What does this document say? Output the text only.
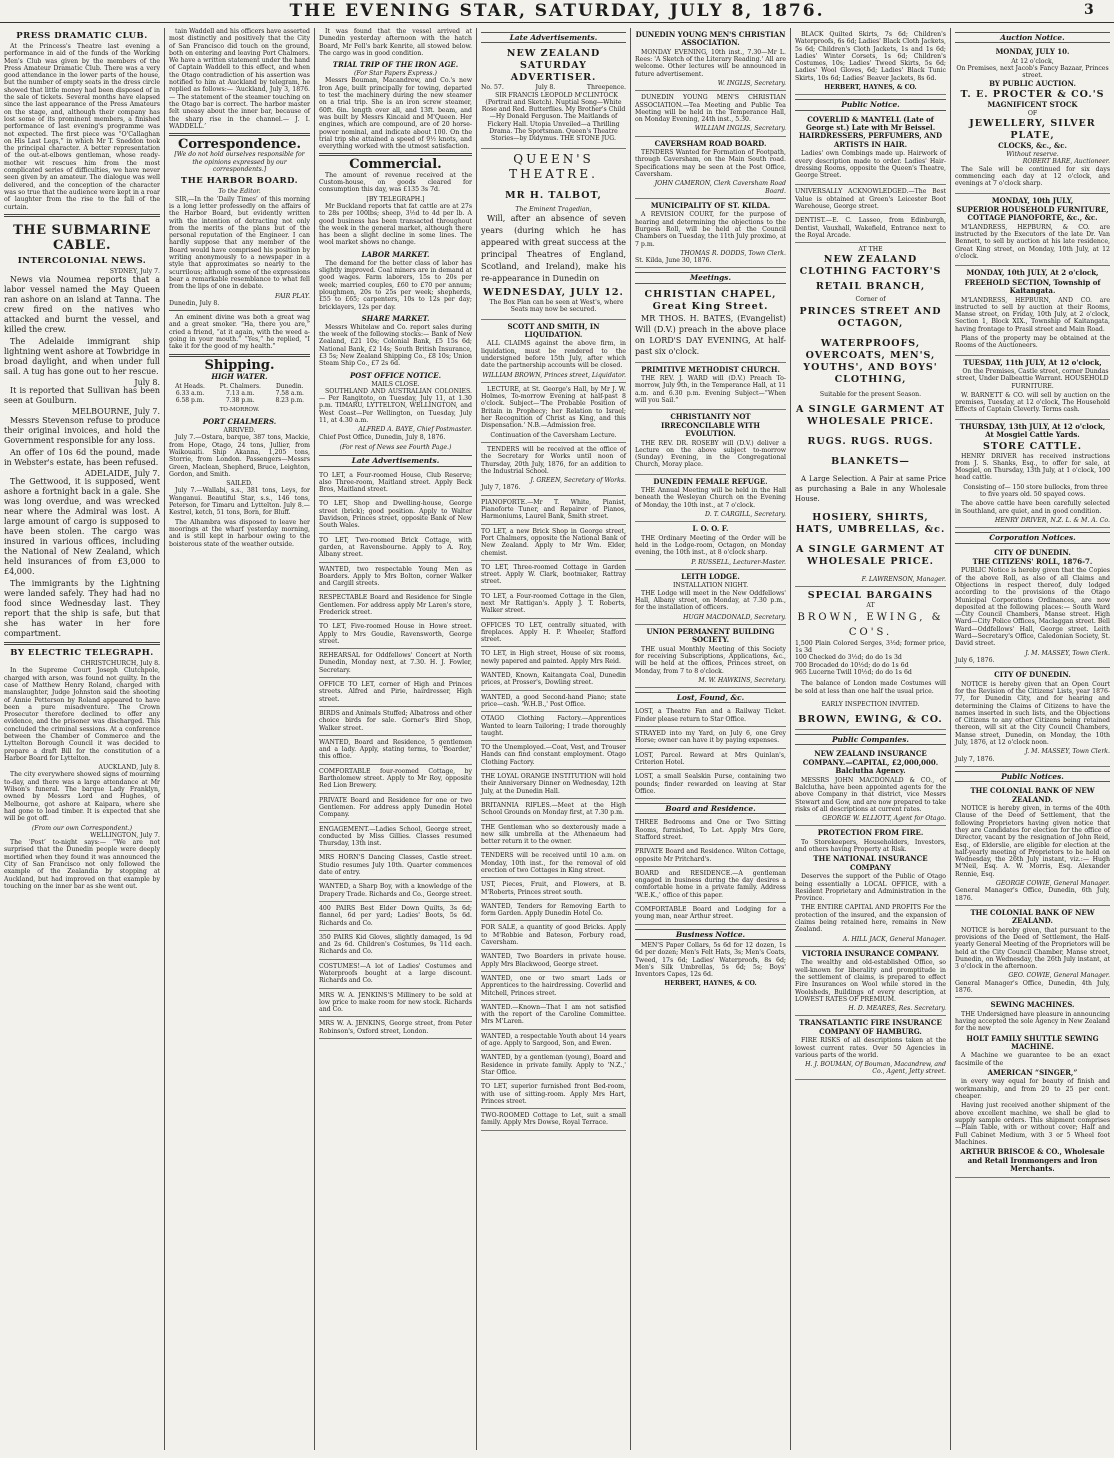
THE EVENING STAR, SATURDAY, JULY 8, 1876.	3
PRESS DRAMATIC CLUB.

At the Princess's Theatre last evening a performance in aid of the funds of the Working Men's Club was given by the members of the Press Amateur Dramatic Club. There was a very good attendance in the lower parts of the house, but the number of empty seats in the dress circle showed that little money had been disposed of in the sale of tickets. Several months have elapsed since the last appearance of the Press Amateurs on the stage, and, although their company has lost some of its prominent members, a finished performance of last evening's programme was not expected. The first piece was “O'Callaghan on His Last Legs,” in which Mr T. Sneddon took the principal character. A better representation of the out-at-elbows gentleman, whose ready-mother wit rescues him from the most complicated series of difficulties, we have never seen given by an amateur. The dialogue was well delivered, and the conception of the character was so true that the audience were kept in a roar of laughter from the rise to the fall of the curtain.

THE SUBMARINE CABLE.
INTERCOLONIAL NEWS.
SYDNEY, July 7.

News via Noumea reports that a labor vessel named the May Queen ran ashore on an island at Tanna. The crew fired on the natives who attacked and burnt the vessel, and killed the crew.

The Adelaide immigrant ship lightning went ashore at Towbridge in broad daylight, and when under full sail. A tug has gone out to her rescue.

July 8.

It is reported that Sullivan has been seen at Goulburn.

MELBOURNE, July 7.

Messrs Stevenson refuse to produce their original invoices, and hold the Government responsible for any loss.

An offer of 10s 6d the pound, made in Webster's estate, has been refused.

ADELAIDE, July 7.

The Gettwood, it is supposed, went ashore a fortnight back in a gale. She was long overdue, and was wrecked near where the Admiral was lost. A large amount of cargo is supposed to have been stolen. The cargo was insured in various offices, including the National of New Zealand, which held insurances of from £3,000 to £4,000.

The immigrants by the Lightning were landed safely. They had had no food since Wednesday last. They report that the ship is safe, but that she has water in her fore compartment.

BY ELECTRIC TELEGRAPH.
CHRISTCHURCH, July 8.

In the Supreme Court Joseph Clutchpole, charged with arson, was found not guilty. In the case of Matthew Henry Roland, charged with manslaughter, Judge Johnston said the shooting of Annie Petterson by Roland appeared to have been a pure misadventure. The Crown Prosecutor therefore declined to offer any evidence, and the prisoner was discharged. This concluded the criminal sessions. At a conference between the Chamber of Commerce and the Lyttelton Borough Council it was decided to prepare a draft Bill for the constitution of a Harbor Board for Lyttelton.

AUCKLAND, July 8.

The city everywhere showed signs of mourning to-day, and there was a large attendance at Mr Wilson's funeral. The barque Lady Franklyn, owned by Messrs Lord and Hughes, of Melbourne, got ashore at Kaipara, where she had gone to load timber. It is expected that she will be got off.

(From our own Correspondent.)
WELLINGTON, July 7.

The ‘Post’ to-night says:— “We are not surprised that the Dunedin people were deeply mortified when they found it was announced the City of San Francisco not only followed the example of the Zealandia by stopping at Auckland, but had improved on that example by touching on the inner bar as she went out.

tain Waddell and his officers have asserted most distinctly and positively that the City of San Francisco did touch on the ground, both on entering and leaving Port Chalmers. We have a written statement under the hand of Captain Waddell to this effect, and when the Otago contradiction of his assertion was notified to him at Auckland by telegram, he replied as follows:— ‘Auckland, July 3, 1876.— The statement of the steamer touching on the Otago bar is correct. The harbor master felt uneasy about the inner bar, because of the sharp rise in the channel.— J. I. WADDELL.’

Correspondence.
[We do not hold ourselves responsible for the opinions expressed by our correspondents.]
THE HARBOR BOARD.
To the Editor.

SIR,—In the ‘Daily Times’ of this morning is a long letter professedly on the affairs of the Harbor Board, but evidently written with the intention of detracting not only from the merits of the plans but of the personal reputation of the Engineer. I can hardly suppose that any member of the Board would have comprised his position by writing anonymously to a newspaper in a style that approximates so nearly to the scurrilous; although some of the expressions bear a remarkable resemblance to what fell from the lips of one in debate.

FAIR PLAY.
Dunedin, July 8.

An eminent divine was both a great wag and a great smoker. “Ha, there you are,” cried a friend, “at it again, with the weed a-going in your mouth.” “Yes,” he replied, “I take it for the good of my health.”

Shipping.
HIGH WATER.
At Heads.	Pt. Chalmers.	Dunedin.
6.33 a.m.	7.13 a.m.	7.58 a.m.
6.58 p.m.	7.38 p.m.	8.23 p.m.
TO-MORROW.
PORT CHALMERS.
ARRIVED.

July 7.—Ostara, barque, 387 tons, Mackie, from Hope, Otago, 24 tons, Jullier, from Waikouaiti. Ship Akanna, 1,205 tons, Storrie, from London. Passengers—Messrs Green, Maclean, Shepherd, Bruce, Leighton, Gordon, and Smith.

SAILED.

July 7.—Wallabi, s.s., 381 tons, Leys, for Wanganui. Beautiful Star, s.s., 146 tons, Peterson, for Timaru and Lyttelton. July 8.—Kestrel, ketch, 51 tons, Born, for Bluff.

The Alhambra was disposed to leave her moorings at the wharf yesterday morning, and is still kept in harbour owing to the boisterous state of the weather outside.

It was found that the vessel arrived at Dunedin yesterday afternoon with the hatch Board, Mr Fell's bark Kenrite, all stowed below. The cargo was in good condition.

TRIAL TRIP OF THE IRON AGE.
(For Star Papers Express.)

Messrs Bouman, Macandrew, and Co.'s new Iron Age, built principally for towing, departed to test the machinery during the new steamer on a trial trip. She is an iron screw steamer, 60ft. 6in. length over all, and 13ft. beam, and was built by Messrs Kincaid and M'Queen. Her engines, which are compound, are of 20 horse-power nominal, and indicate about 100. On the trial trip she attained a speed of 9½ knots, and everything worked with the utmost satisfaction.

Commercial.

The amount of revenue received at the Custom-house, on goods cleared for consumption this day, was £135 3s 7d.

[BY TELEGRAPH.]

Mr Buckland reports that fat cattle are at 27s to 28s per 100lbs; sheep, 3½d to 4d per lb. A good business has been transacted throughout the week in the general market, although there has been a slight decline in some lines. The wool market shows no change.

LABOR MARKET.

The demand for the better class of labor has slightly improved. Coal miners are in demand at good wages. Farm laborers, 15s to 20s per week; married couples, £60 to £70 per annum; ploughmen, 20s to 25s per week; shepherds, £55 to £65; carpenters, 10s to 12s per day; bricklayers, 12s per day.

SHARE MARKET.

Messrs Whitelaw and Co. report sales during the week of the following stocks:— Bank of New Zealand, £21 10s; Colonial Bank, £5 15s 6d; National Bank, £2 14s; South British Insurance, £3 5s; New Zealand Shipping Co., £8 10s; Union Steam Ship Co., £7 2s 6d.

POST OFFICE NOTICE.
MAILS CLOSE.

SOUTHLAND AND AUSTRALIAN COLONIES.— Per Rangitoto, on Tuesday, July 11, at 1.30 p.m. TIMARU, LYTTELTON, WELLINGTON, and West Coast—Per Wellington, on Tuesday, July 11, at 4.30 a.m.

ALFRED A. BAYE, Chief Postmaster.
Chief Post Office, Dunedin, July 8, 1876.
(For rest of News see Fourth Page.)
Late Advertisements.
TO LET, a Four-roomed House, Club Reserve; also Three-room, Maitland street. Apply Beck Bros, Maitland street.
TO LET, Shop and Dwelling-house, George street (brick); good position. Apply to Walter Davidson, Princes street, opposite Bank of New South Wales.
TO LET, Two-roomed Brick Cottage, with garden, at Ravensbourne. Apply to A. Roy, Albany street.
WANTED, two respectable Young Men as Boarders. Apply to Mrs Bolton, corner Walker and Cargill streets.
RESPECTABLE Board and Residence for Single Gentlemen. For address apply Mr Laren's store, Frederick street.
TO LET, Five-roomed House in Howe street. Apply to Mrs Goudie, Ravensworth, George street.
REHEARSAL for Oddfellows' Concert at North Dunedin, Monday next, at 7.30. H. J. Fowler, Secretary.
OFFICE TO LET, corner of High and Princes streets. Alfred and Pirie, hairdresser, High street.
BIRDS and Animals Stuffed; Albatross and other choice birds for sale. Gorner's Bird Shop, Walker street.
WANTED, Board and Residence, 5 gentlemen and a lady. Apply, stating terms, to 'Boarder,' this office.
COMFORTABLE four-roomed Cottage, by Bartholomew street. Apply to Mr Roy, opposite Red Lion Brewery.
PRIVATE Board and Residence for one or two Gentlemen. For address apply Dunedin Hotel Company.
ENGAGEMENT.—Ladies School, George street, conducted by Miss Gillies. Classes resumed Thursday, 13th inst.
MRS HORN'S Dancing Classes, Castle street. Studio resumes July 10th. Quarter commences date of entry.
WANTED, a Sharp Boy, with a knowledge of the Drapery Trade. Richards and Co., George street.
400 PAIRS Best Elder Down Quilts, 3s 6d; flannel, 6d per yard; Ladies' Boots, 5s 6d. Richards and Co.
350 PAIRS Kid Gloves, slightly damaged, 1s 9d and 2s 6d. Children's Costumes, 9s 11d each. Richards and Co.
COSTUMES!—A lot of Ladies' Costumes and Waterproofs bought at a large discount. Richards and Co.
MRS W. A. JENKINS'S Millinery to be sold at low price to make room for new stock. Richards and Co.
MRS W. A. JENKINS, George street, from Peter Robinson's, Oxford street, London.
Late Advertisements.
NEW ZEALAND SATURDAY ADVERTISER.
No. 57.	July 8.	Threepence.

SIR FRANCIS LEOPOLD M'CLINTOCK (Portrait and Sketch). Nuptial Song—White Rose and Red. Butterflies. My Brother's Child—Hy Donald Ferguson. The Maitlands of Fickery Hall. Utopia Unveiled—a Thrilling Drama. The Sportsman. Queen's Theatre Stories—by Didymus. THE STONE JUG.

QUEEN'S THEATRE.
MR H. TALBOT,
The Eminent Tragedian,

Will, after an absence of seven years (during which he has appeared with great success at the principal Theatres of England, Scotland, and Ireland), make his re-appearance in Dunedin on

WEDNESDAY, JULY 12.

The Box Plan can be seen at West's, where Seats may now be secured.

SCOTT AND SMITH, IN LIQUIDATION.

ALL CLAIMS against the above firm, in liquidation, must be rendered to the undersigned before 15th July, after which date the partnership accounts will be closed.

WILLIAM BROWN, Princes street, Liquidator.

LECTURE, at St. George's Hall, by Mr J. W. Holmes, To-morrow Evening at half-past 8 o'clock. Subject—'The Probable Position of Britain in Prophecy; her Relation to Israel; her Recognition of Christ as King, and this Dispensation.' N.B.—Admission free.

Continuation of the Caversham Lecture.

TENDERS will be received at the office of the Secretary for Works until noon of Thursday, 20th July, 1876, for an addition to the Industrial School.

J. GREEN, Secretary of Works.
July 7, 1876.
PIANOFORTE.—Mr T. White, Pianist, Pianoforte Tuner, and Repairer of Pianos, Harmoniums, Laurel Bank, Smith street.
TO LET, a new Brick Shop in George street, Port Chalmers, opposite the National Bank of New Zealand. Apply to Mr Wm. Elder, chemist.
TO LET, Three-roomed Cottage in Garden street. Apply W. Clark, bootmaker, Rattray street.
TO LET, a Four-roomed Cottage in the Glen, next Mr Rattigan's. Apply J. T. Roberts, Walker street.
OFFICES TO LET, centrally situated, with fireplaces. Apply H. P. Wheeler, Stafford street.
TO LET, in High street, House of six rooms, newly papered and painted. Apply Mrs Reid.
WANTED, Known, Kaitangata Coal, Dunedin prices, at Prosser's, Dowling street.
WANTED, a good Second-hand Piano; state price—cash. 'W.H.B.,' Post Office.
OTAGO Clothing Factory.—Apprentices Wanted to learn Tailoring; I trade thoroughly taught.
TO the Unemployed.—Coat, Vest, and Trouser Hands can find constant employment. Otago Clothing Factory.
THE LOYAL ORANGE INSTITUTION will hold their Anniversary Dinner on Wednesday, 12th July, at the Dunedin Hall.
BRITANNIA RIFLES.—Meet at the High School Grounds on Monday first, at 7.30 p.m.
THE Gentleman who so dexterously made a new silk umbrella at the Athenaeum had better return it to the owner.
TENDERS will be received until 10 a.m. on Monday, 10th inst., for the removal of old erection of two Cottages in King street.
UST, Pieces, Fruit, and Flowers, at B. M'Roberts, Princes street south.
WANTED, Tenders for Removing Earth to form Garden. Apply Dunedin Hotel Co.
FOR SALE, a quantity of good Bricks. Apply to M'Robbie and Bateson, Forbury road, Caversham.
WANTED, Two Boarders in private house. Apply Mrs Blackwood, George street.
WANTED, one or two smart Lads or Apprentices to the hairdressing. Coverlid and Mitchell, Princes street.
WANTED.—Known—That I am not satisfied with the report of the Caroline Committee. Mrs M'Laren.
WANTED, a respectable Youth about 14 years of age. Apply to Sargood, Son, and Ewen.
WANTED, by a gentleman (young), Board and Residence in private family. Apply to 'N.Z.,' Star Office.
TO LET, superior furnished front Bed-room, with use of sitting-room. Apply Mrs Hart, Princes street.
TWO-ROOMED Cottage to Let, suit a small family. Apply Mrs Dowse, Royal Terrace.
DUNEDIN YOUNG MEN'S CHRISTIAN ASSOCIATION.

MONDAY EVENING, 10th inst., 7.30—Mr L. Rees: 'A Sketch of the Literary Reading.' All are welcome. Other lectures will be announced in future advertisement.

W. INGLIS, Secretary.

DUNEDIN YOUNG MEN'S CHRISTIAN ASSOCIATION.—Tea Meeting and Public Tea Meeting will be held in the Temperance Hall, on Monday Evening, 24th inst., 5.30.

WILLIAM INGLIS, Secretary.
CAVERSHAM ROAD BOARD.

TENDERS Wanted for Formation of Footpath, through Caversham, on the Main South road. Specifications may be seen at the Post Office, Caversham.

JOHN CAMERON, Clerk Caversham Road Board.
MUNICIPALITY OF ST. KILDA.

A REVISION COURT, for the purpose of hearing and determining the objections to the Burgess Roll, will be held at the Council Chambers on Tuesday, the 11th July proximo, at 7 p.m.

THOMAS R. DODDS, Town Clerk.
St. Kilda, June 30, 1876.
Meetings.
CHRISTIAN CHAPEL, Great King Street.

MR THOS. H. BATES, (Evangelist) Will (D.V.) preach in the above place on LORD'S DAY EVENING, At half-past six o'clock.

PRIMITIVE METHODIST CHURCH.

THE REV. J. WARD will (D.V.) Preach To-morrow, July 9th, in the Temperance Hall, at 11 a.m. and 6.30 p.m. Evening Subject—“When will you Sail.”

CHRISTIANITY NOT IRRECONCILABLE WITH EVOLUTION.

THE REV. DR. ROSEBY will (D.V.) deliver a Lecture on the above subject to-morrow (Sunday) Evening, in the Congregational Church, Moray place.

DUNEDIN FEMALE REFUGE.

THE Annual Meeting will be held in the Hall beneath the Wesleyan Church on the Evening of Monday, the 10th inst., at 7 o'clock.

D. T. CARGILL, Secretary.
I. O. O. F.

THE Ordinary Meeting of the Order will be held in the Lodge-room, Octagon, on Monday evening, the 10th inst., at 8 o'clock sharp.

P. RUSSELL, Lecturer-Master.
LEITH LODGE.
INSTALLATION NIGHT.

THE Lodge will meet in the New Oddfellows' Hall, Albany street, on Monday, at 7.30 p.m., for the installation of officers.

HUGH MACDONALD, Secretary.
UNION PERMANENT BUILDING SOCIETY.

THE usual Monthly Meeting of this Society for receiving Subscriptions, Applications, &c., will be held at the offices, Princes street, on Monday, from 7 to 8 o'clock.

M. W. HAWKINS, Secretary.
Lost, Found, &c.
LOST, a Theatre Fan and a Railway Ticket. Finder please return to Star Office.
STRAYED into my Yard, on July 6, one Grey Horse; owner can have it by paying expenses.
LOST, Parcel. Reward at Mrs Quinlan's, Criterion Hotel.
LOST, a small Sealskin Purse, containing two pounds; finder rewarded on leaving at Star Office.
Board and Residence.
THREE Bedrooms and One or Two Sitting Rooms, furnished, To Let. Apply Mrs Gore, Stafford street.
PRIVATE Board and Residence. Wilton Cottage, opposite Mr Pritchard's.
BOARD and RESIDENCE.—A gentleman engaged in business during the day desires a comfortable home in a private family. Address 'W.E.K.,' office of this paper.
COMFORTABLE Board and Lodging for a young man, near Arthur street.
Business Notice.

MEN'S Paper Collars, 5s 6d for 12 dozen, 1s 6d per dozen; Men's Felt Hats, 3s; Men's Coats, Tweed, 17s 6d; Ladies' Waterproofs, 8s 6d; Men's Silk Umbrellas, 5s 6d; 5s; Boys' Inventors Capes, 12s 6d.

HERBERT, HAYNES, & CO.

BLACK Quilted Skirts, 7s 6d; Children's Waterproofs, 6s 6d; Ladies' Black Cloth Jackets, 5s 6d; Children's Cloth Jackets, 1s and 1s 6d; Ladies' Winter Corsets, 1s 6d; Children's Costumes, 10s; Ladies' Tweed Skirts, 5s 6d; Ladies' Wool Gloves, 6d; Ladies' Black Tunic Skirts, 10s 6d; Ladies' Beaver Jackets, 8s 6d.

HERBERT, HAYNES, & CO.
Public Notice.
COVERLID & MANTELL (Late of George st.) Late with Mr Beissel. HAIRDRESSERS, PERFUMERS, AND ARTISTS IN HAIR.

Ladies' own Combings made up. Hairwork of every description made to order. Ladies' Hair-dressing Rooms, opposite the Queen's Theatre, George Street.

UNIVERSALLY ACKNOWLEDGED.—The Best Value is obtained at Green's Leicester Boot Warehouse, George street.
DENTIST.—E. C. Lasseo, from Edinburgh, Dentist, Vauxhall, Wakefield, Entrance next to the Royal Arcade.
AT THE
NEW ZEALAND CLOTHING FACTORY'S
RETAIL BRANCH,
Corner of
PRINCES STREET AND OCTAGON,
WATERPROOFS, OVERCOATS, MEN'S, YOUTHS', AND BOYS' CLOTHING,
Suitable for the present Season.
A SINGLE GARMENT AT WHOLESALE PRICE.
RUGS. RUGS. RUGS.
BLANKETS—

A Large Selection. A Pair at same Price as purchasing a Bale in any Wholesale House.

HOSIERY, SHIRTS, HATS, UMBRELLAS, &c.
A SINGLE GARMENT AT WHOLESALE PRICE.
F. LAWRENSON, Manager.
SPECIAL BARGAINS
AT
BROWN, EWING, & CO'S.
1,500 Plain Colored Serges, 3½d; former price, 1s 3d
100 Checked do 3½d; do do 1s 3d
700 Brocaded do 10½d; do do 1s 6d
965 Lucerne Twill 10½d; do do 1s 6d

The balance of London made Costumes will be sold at less than one half the usual price.

EARLY INSPECTION INVITED.
BROWN, EWING, & CO.
Public Companies.
NEW ZEALAND INSURANCE COMPANY.—CAPITAL, £2,000,000. Balclutha Agency.

MESSRS JOHN MACDONALD & CO., of Balclutha, have been appointed agents for the above Company in that district, vice Messrs Stewart and Gow, and are now prepared to take risks of all descriptions at current rates.

GEORGE W. ELLIOTT, Agent for Otago.
PROTECTION FROM FIRE.

To Storekeepers, Householders, Investors, and others having Property at Risk.

THE NATIONAL INSURANCE COMPANY

Deserves the support of the Public of Otago being essentially a LOCAL OFFICE, with a Resident Proprietary and Administration in the Province.

THE ENTIRE CAPITAL AND PROFITS For the protection of the insured, and the expansion of claims being retained here, remains in New Zealand.

A. HILL JACK, General Manager.
VICTORIA INSURANCE COMPANY.

The wealthy and old-established Office, so well-known for liberality and promptitude in the settlement of claims, is prepared to effect Fire Insurances on Wool while stored in the Woolsheds, Buildings of every description, at LOWEST RATES OF PREMIUM.

H. D. MEARES, Res. Secretary.
TRANSATLANTIC FIRE INSURANCE COMPANY OF HAMBURG.

FIRE RISKS of all descriptions taken at the lowest current rates. Over 50 Agencies in various parts of the world.

H. J. BOUMAN, Of Bouman, Macandrew, and Co., Agent, Jetty street.
Auction Notice.
MONDAY, JULY 10.
At 12 o'clock,
On Premises, next Jacob's Fancy Bazaar, Princes street.
BY PUBLIC AUCTION.
T. E. PROCTER & CO.'S
MAGNIFICENT STOCK
OF
JEWELLERY, SILVER PLATE,
CLOCKS, &c., &c.
Without reserve.
ROBERT BARE, Auctioneer.

The Sale will be continued for six days commencing each day at 12 o'clock, and evenings at 7 o'clock sharp.

MONDAY, 10th JULY,
SUPERIOR HOUSEHOLD FURNITURE, COTTAGE PIANOFORTE, &c., &c.

M'LANDRESS, HEPBURN, & CO. are instructed by the Executors of the late Dr. Van Bennett, to sell by auction at his late residence, Great King street, on Monday, 10th July, at 12 o'clock.

MONDAY, 10th JULY, At 2 o'clock,
FREEHOLD SECTION, Township of Kaitangata.

M'LANDRESS, HEPBURN, AND CO. are instructed to sell by auction at their Rooms, Manse street, on Friday, 10th July, at 2 o'clock, Section 1, Block XIX., Township of Kaitangata, having frontage to Prasil street and Main Road.

Plans of the property may be obtained at the Rooms of the Auctioneers.

TUESDAY, 11th JULY, At 12 o'clock,

On the Premises, Castle street, corner Dundas street, Under Dalbeattie Warrant. HOUSEHOLD FURNITURE.

W. BARNETT & CO. will sell by auction on the premises, Tuesday, at 12 o'clock, The Household Effects of Captain Cleverly. Terms cash.

THURSDAY, 13th JULY, At 12 o'clock, At Mosgiel Cattle Yards.
STORE CATTLE.

HENRY DRIVER has received instructions from J. S. Shanks, Esq., to offer for sale, at Mosgiel, on Thursday, 13th July, at 1 o'clock, 100 head cattle.

Consisting of— 150 store bullocks, from three to five years old. 50 spayed cows.

The above cattle have been carefully selected in Southland, are quiet, and in good condition.

HENRY DRIVER, N.Z. L. & M. A. Co.
Corporation Notices.
CITY OF DUNEDIN.
THE CITIZENS' ROLL, 1876-7.

PUBLIC Notice is hereby given that the Copies of the above Roll, as also of all Claims and Objections in respect thereof, duly lodged according to the provisions of the Otago Municipal Corporations Ordinances, are now deposited at the following places:— South Ward—City Council Chambers, Manse street. High Ward—City Police Offices, Maclaggan street. Bell Ward—Oddfellows' Hall, George street. Leith Ward—Secretary's Office, Caledonian Society, St. David street.

J. M. MASSEY, Town Clerk.
July 6, 1876.
CITY OF DUNEDIN.

NOTICE is hereby given that an Open Court for the Revision of the Citizens' Lists, year 1876-77, for Dunedin City, and for hearing and determining the Claims of Citizens to have the names inserted in such lists, and the Objections of Citizens to any other Citizens being retained thereon, will sit at the City Council Chambers, Manse street, Dunedin, on Monday, the 10th July, 1876, at 12 o'clock noon.

J. M. MASSEY, Town Clerk.
July 7, 1876.
Public Notices.
THE COLONIAL BANK OF NEW ZEALAND.

NOTICE is hereby given, in terms of the 40th Clause of the Deed of Settlement, that the following Proprietors having given notice that they are Candidates for election for the office of Director, vacant by the resignation of John Reid, Esq., of Elderslie, are eligible for election at the half-yearly meeting of Proprietors to be held on Wednesday, the 26th July instant, viz.:— Hugh M'Neil, Esq. A. W. Morris, Esq. Alexander Rennie, Esq.

GEORGE COWIE, General Manager.
General Manager's Office, Dunedin, 6th July, 1876.
THE COLONIAL BANK OF NEW ZEALAND.

NOTICE is hereby given, that pursuant to the provisions of the Deed of Settlement, the Half-yearly General Meeting of the Proprietors will be held at the City Council Chamber, Manse street, Dunedin, on Wednesday, the 26th July instant, at 3 o'clock in the afternoon.

GEO. COWIE, General Manager.
General Manager's Office, Dunedin, 4th July, 1876.
SEWING MACHINES.

THE Undersigned have pleasure in announcing having accepted the sole Agency in New Zealand for the new

HOLT FAMILY SHUTTLE SEWING MACHINE.

A Machine we guarantee to be an exact facsimile of the

AMERICAN “SINGER,”

in every way equal for beauty of finish and workmanship, and from 20 to 25 per cent. cheaper.

Having just received another shipment of the above excellent machine, we shall be glad to supply sample orders. This shipment comprises—Plain Table, with or without cover; Half and Full Cabinet Medium, with 3 or 5 Wheel foot Machines.

ARTHUR BRISCOE & CO., Wholesale and Retail Ironmongers and Iron Merchants.
